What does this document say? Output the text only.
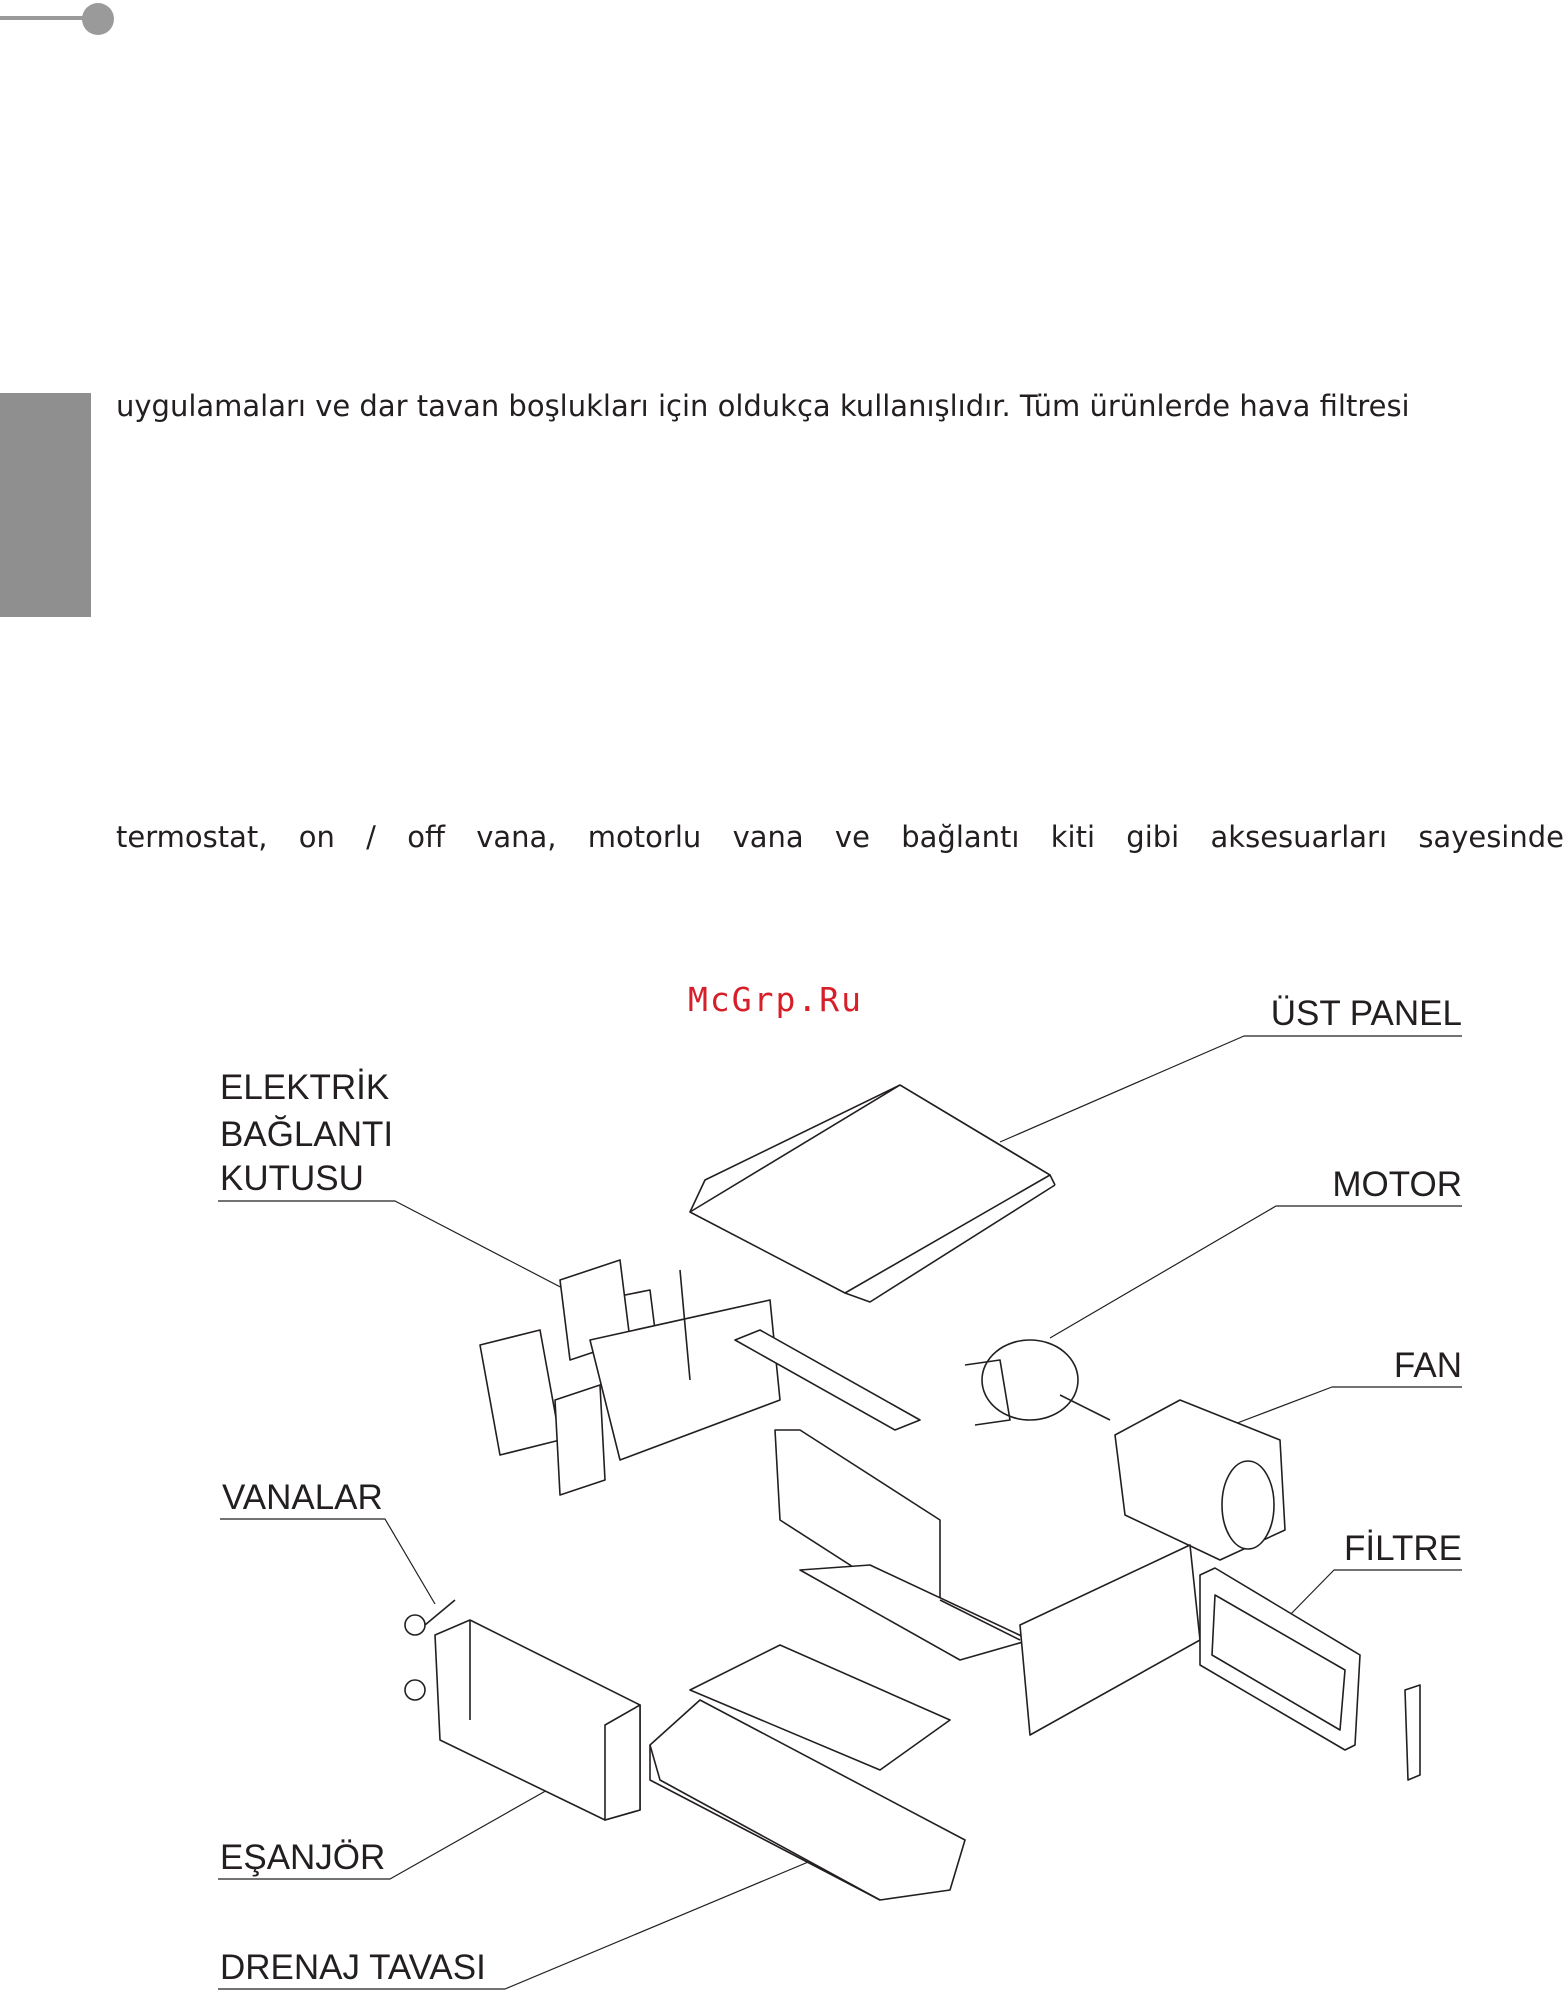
uygulamaları ve dar tavan boşlukları için oldukça kullanışlıdır. Tüm ürünlerde hava filtresi
termostat, on / off vana, motorlu vana ve bağlantı kiti gibi aksesuarları sayesinde
McGrp.Ru	ÜST PANEL
ELEKTRİK
BAĞLANTI
KUTUSU	MOTOR
FAN
VANALAR
FİLTRE
EŞANJÖR
DRENAJ TAVASI
